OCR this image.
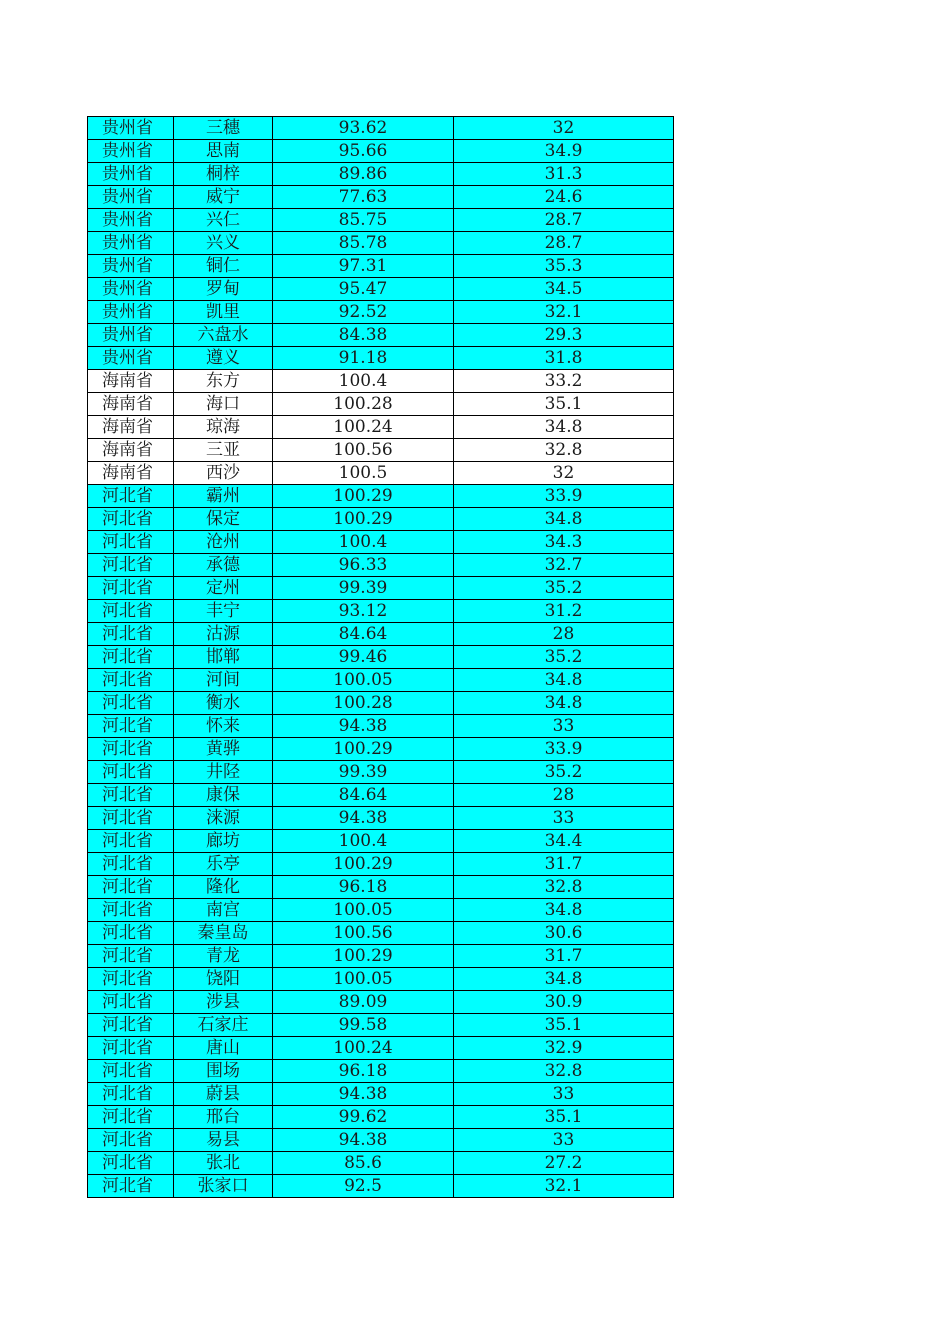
贵州省	三穗	93.62	32
贵州省	思南	95.66	34.9
贵州省	桐梓	89.86	31.3
贵州省	威宁	77.63	24.6
贵州省	兴仁	85.75	28.7
贵州省	兴义	85.78	28.7
贵州省	铜仁	97.31	35.3
贵州省	罗甸	95.47	34.5
贵州省	凯里	92.52	32.1
贵州省	六盘水	84.38	29.3
贵州省	遵义	91.18	31.8
海南省	东方	100.4	33.2
海南省	海口	100.28	35.1
海南省	琼海	100.24	34.8
海南省	三亚	100.56	32.8
海南省	西沙	100.5	32
河北省	霸州	100.29	33.9
河北省	保定	100.29	34.8
河北省	沧州	100.4	34.3
河北省	承德	96.33	32.7
河北省	定州	99.39	35.2
河北省	丰宁	93.12	31.2
河北省	沽源	84.64	28
河北省	邯郸	99.46	35.2
河北省	河间	100.05	34.8
河北省	衡水	100.28	34.8
河北省	怀来	94.38	33
河北省	黄骅	100.29	33.9
河北省	井陉	99.39	35.2
河北省	康保	84.64	28
河北省	涞源	94.38	33
河北省	廊坊	100.4	34.4
河北省	乐亭	100.29	31.7
河北省	隆化	96.18	32.8
河北省	南宫	100.05	34.8
河北省	秦皇岛	100.56	30.6
河北省	青龙	100.29	31.7
河北省	饶阳	100.05	34.8
河北省	涉县	89.09	30.9
河北省	石家庄	99.58	35.1
河北省	唐山	100.24	32.9
河北省	围场	96.18	32.8
河北省	蔚县	94.38	33
河北省	邢台	99.62	35.1
河北省	易县	94.38	33
河北省	张北	85.6	27.2
河北省	张家口	92.5	32.1
